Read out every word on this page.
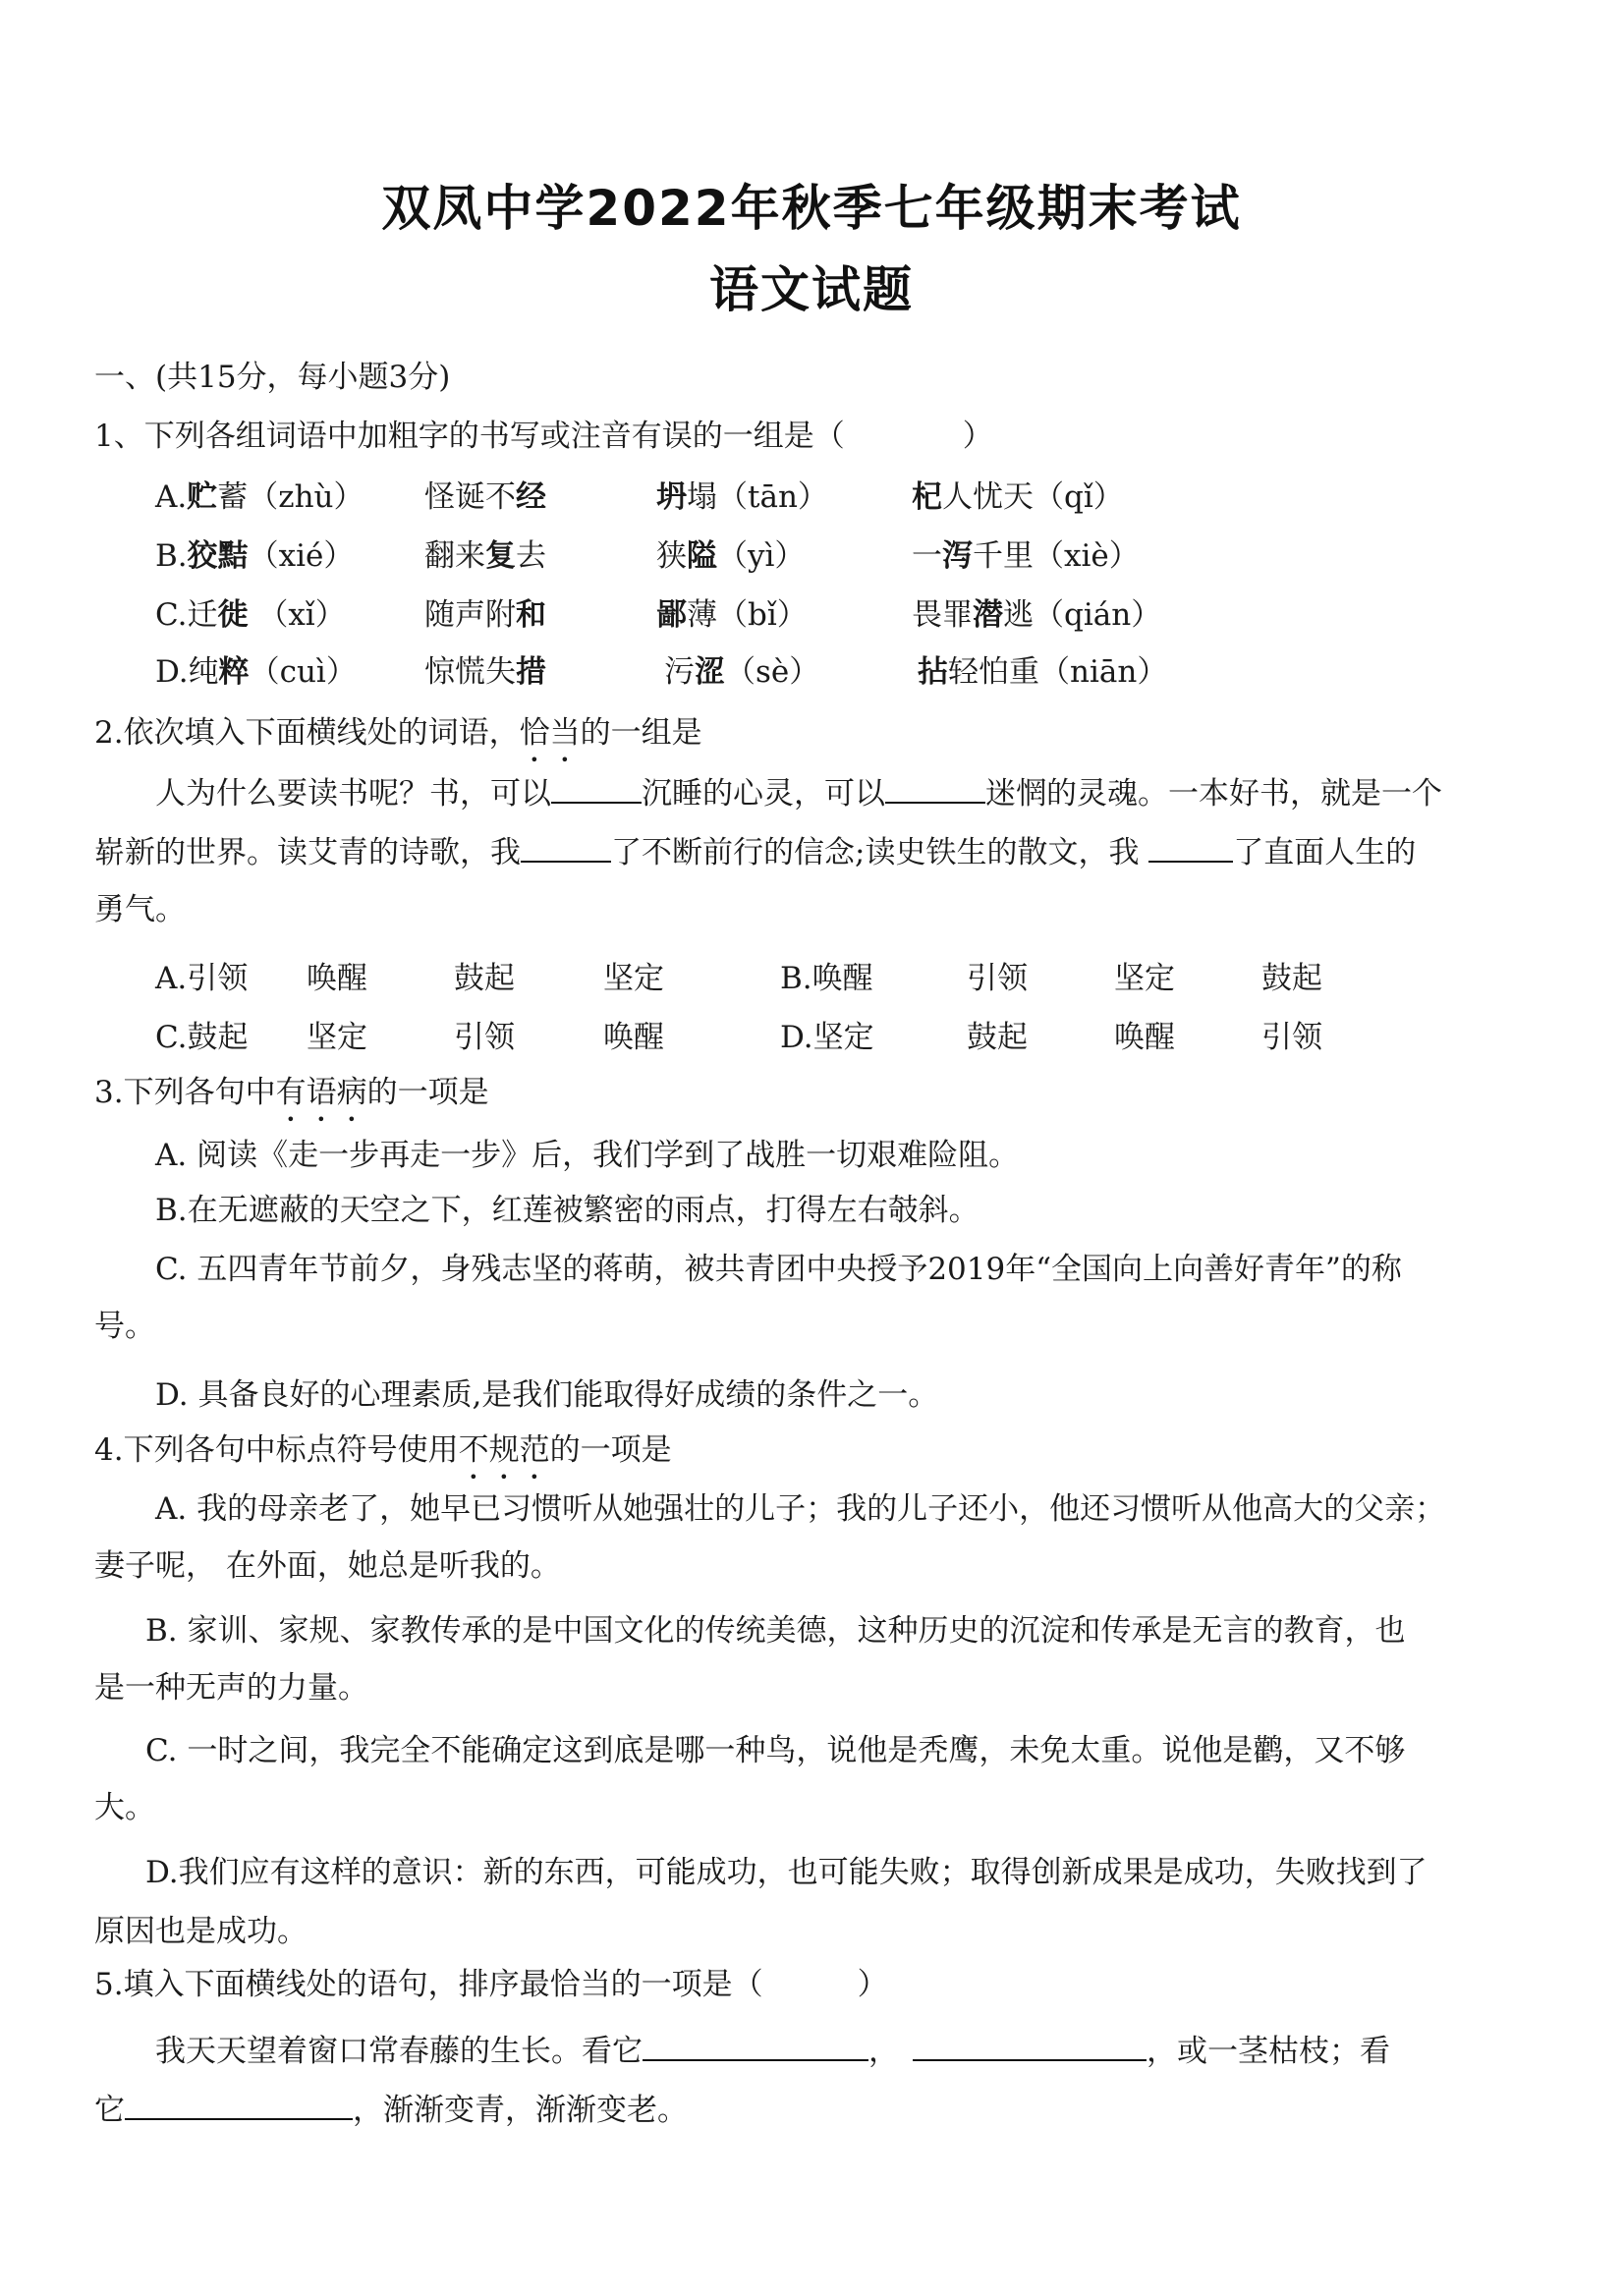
双凤中学2022年秋季七年级期末考试
语文试题
一、(共15分，每小题3分)
1、下列各组词语中加粗字的书写或注音有误的一组是（	）
A.贮蓄（zhù） 怪诞不经	坍塌（tān）	杞人忧天（qǐ）
B.狡黠（xié） 翻来复去	狭隘（yì）	一泻千里（xiè）
C.迁徙 （xǐ）	随声附和	鄙薄（bǐ）	畏罪潜逃（qián）
D.纯粹（cuì） 惊慌失措	污涩（sè）	拈轻怕重（niān）
2.依次填入下面横线处的词语，恰当的一组是
人为什么要读书呢？书，可以	沉睡的心灵，可以	迷惘的灵魂。一本好书，就是一个
崭新的世界。读艾青的诗歌，我	了不断前行的信念;读史铁生的散文，我	了直面人生的
勇气。
A.引领 唤醒	鼓起	坚定	B.唤醒	引领	坚定	鼓起
C.鼓起 坚定	引领	唤醒	D.坚定	鼓起	唤醒	引领
3.下列各句中有语病的一项是
A. 阅读《走一步再走一步》后，我们学到了战胜一切艰难险阻。
B.在无遮蔽的天空之下，红莲被繁密的雨点，打得左右攲斜。
C. 五四青年节前夕，身残志坚的蒋萌，被共青团中央授予2019年“全国向上向善好青年”的称
号。
D. 具备良好的心理素质,是我们能取得好成绩的条件之一。
4.下列各句中标点符号使用不规范的一项是
A. 我的母亲老了，她早已习惯听从她强壮的儿子；我的儿子还小，他还习惯听从他高大的父亲；
妻子呢， 在外面，她总是听我的。
B. 家训、家规、家教传承的是中国文化的传统美德，这种历史的沉淀和传承是无言的教育，也
是一种无声的力量。
C. 一时之间，我完全不能确定这到底是哪一种鸟，说他是秃鹰，未免太重。说他是鹳，又不够
大。
D.我们应有这样的意识：新的东西，可能成功，也可能失败；取得创新成果是成功，失败找到了
原因也是成功。
5.填入下面横线处的语句，排序最恰当的一项是（	）
我天天望着窗口常春藤的生长。看它	，	，或一茎枯枝；看
它	，渐渐变青，渐渐变老。
